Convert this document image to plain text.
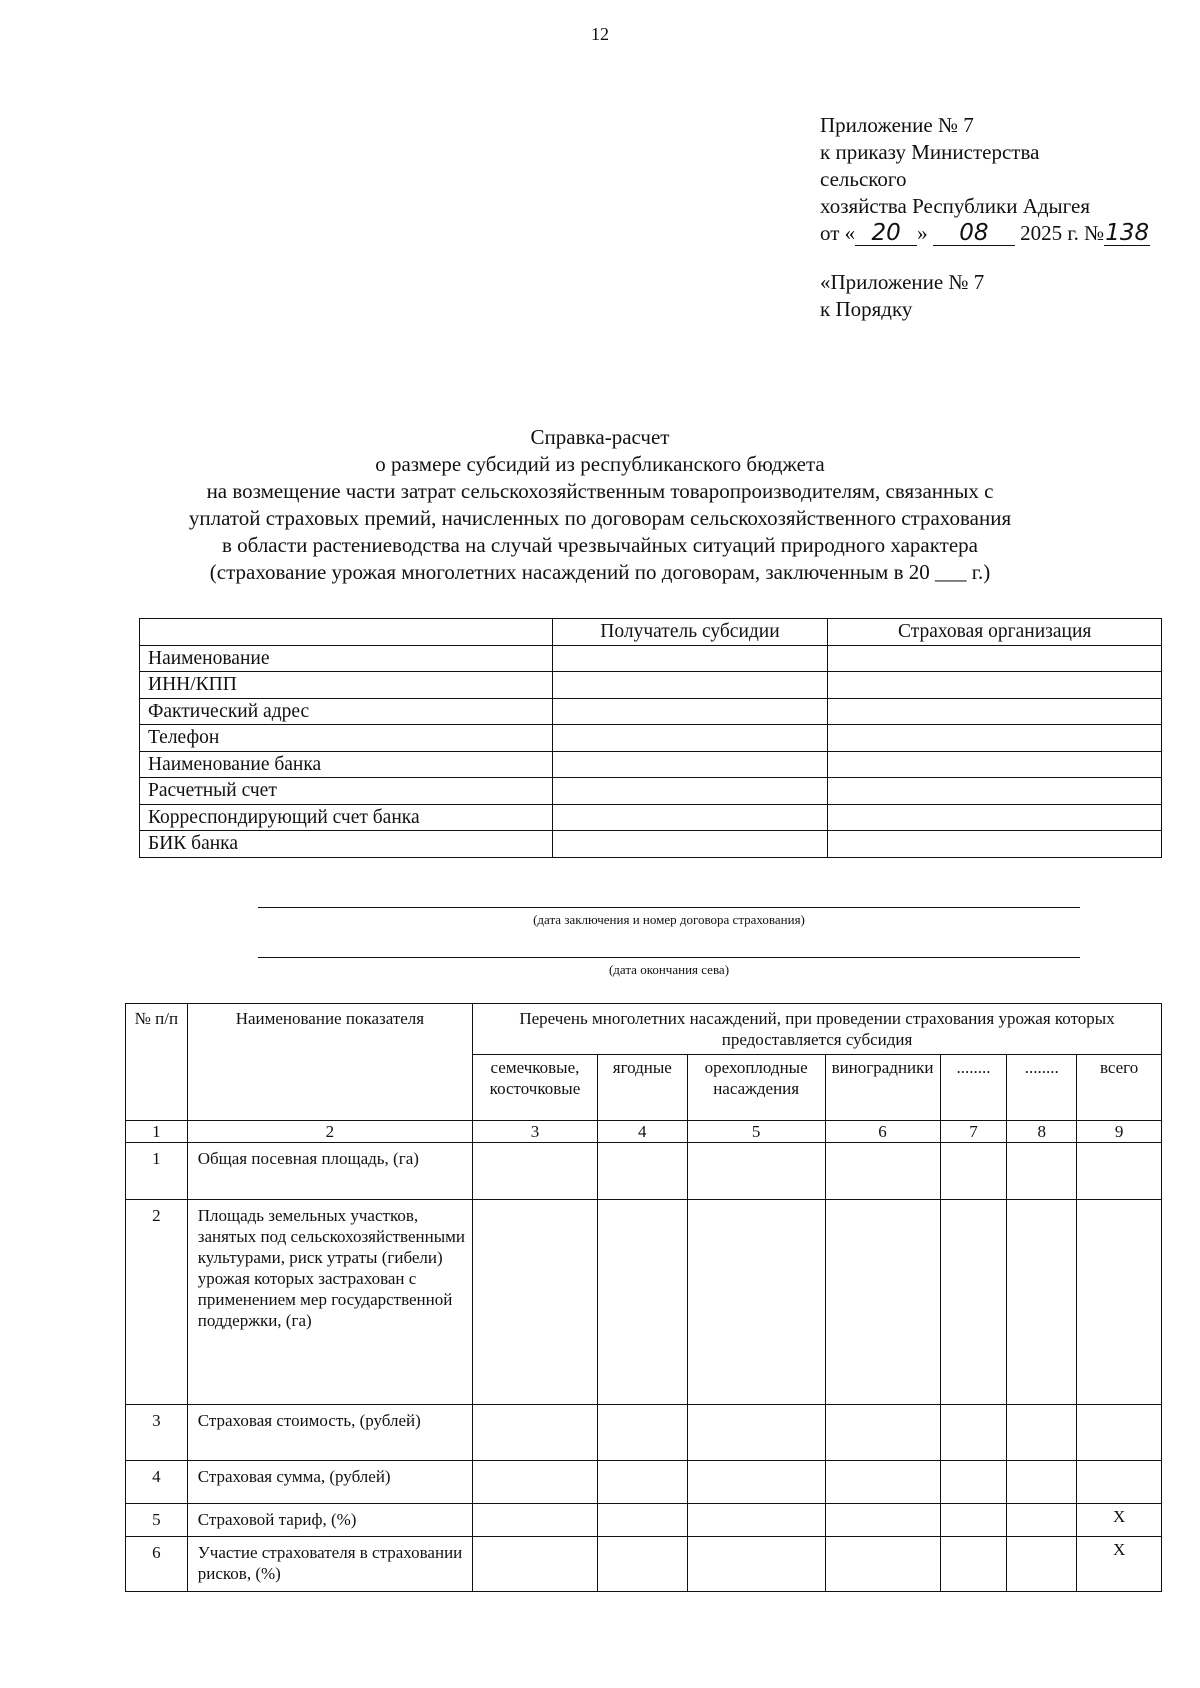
12
Приложение № 7
к приказу Министерства
сельского
хозяйства Республики Адыгея
от « 20 » 08 2025 г. №138
«Приложение № 7
к Порядку
Справка-расчет
о размере субсидий из республиканского бюджета
на возмещение части затрат сельскохозяйственным товаропроизводителям, связанных с
уплатой страховых премий, начисленных по договорам сельскохозяйственного страхования
в области растениеводства на случай чрезвычайных ситуаций природного характера
(страхование урожая многолетних насаждений по договорам, заключенным в 20 ___ г.)
	Получатель субсидии	Страховая организация
Наименование		
ИНН/КПП		
Фактический адрес		
Телефон		
Наименование банка		
Расчетный счет		
Корреспондирующий счет банка		
БИК банка		
(дата заключения и номер договора страхования)
(дата окончания сева)
№ п/п	Наименование показателя	Перечень многолетних насаждений, при проведении страхования урожая которых предоставляется субсидия						
		семечковые, косточковые	ягодные	орехоплодные насаждения	виноградники	........	........	всего
1	2	3	4	5	6	7	8	9
1	Общая посевная площадь, (га)							
2	Площадь земельных участков, занятых под сельскохозяйственными культурами, риск утраты (гибели) урожая которых застрахован с применением мер государственной поддержки, (га)							
3	Страховая стоимость, (рублей)							
4	Страховая сумма, (рублей)							
5	Страховой тариф, (%)							X
6	Участие страхователя в страховании рисков, (%)							X
